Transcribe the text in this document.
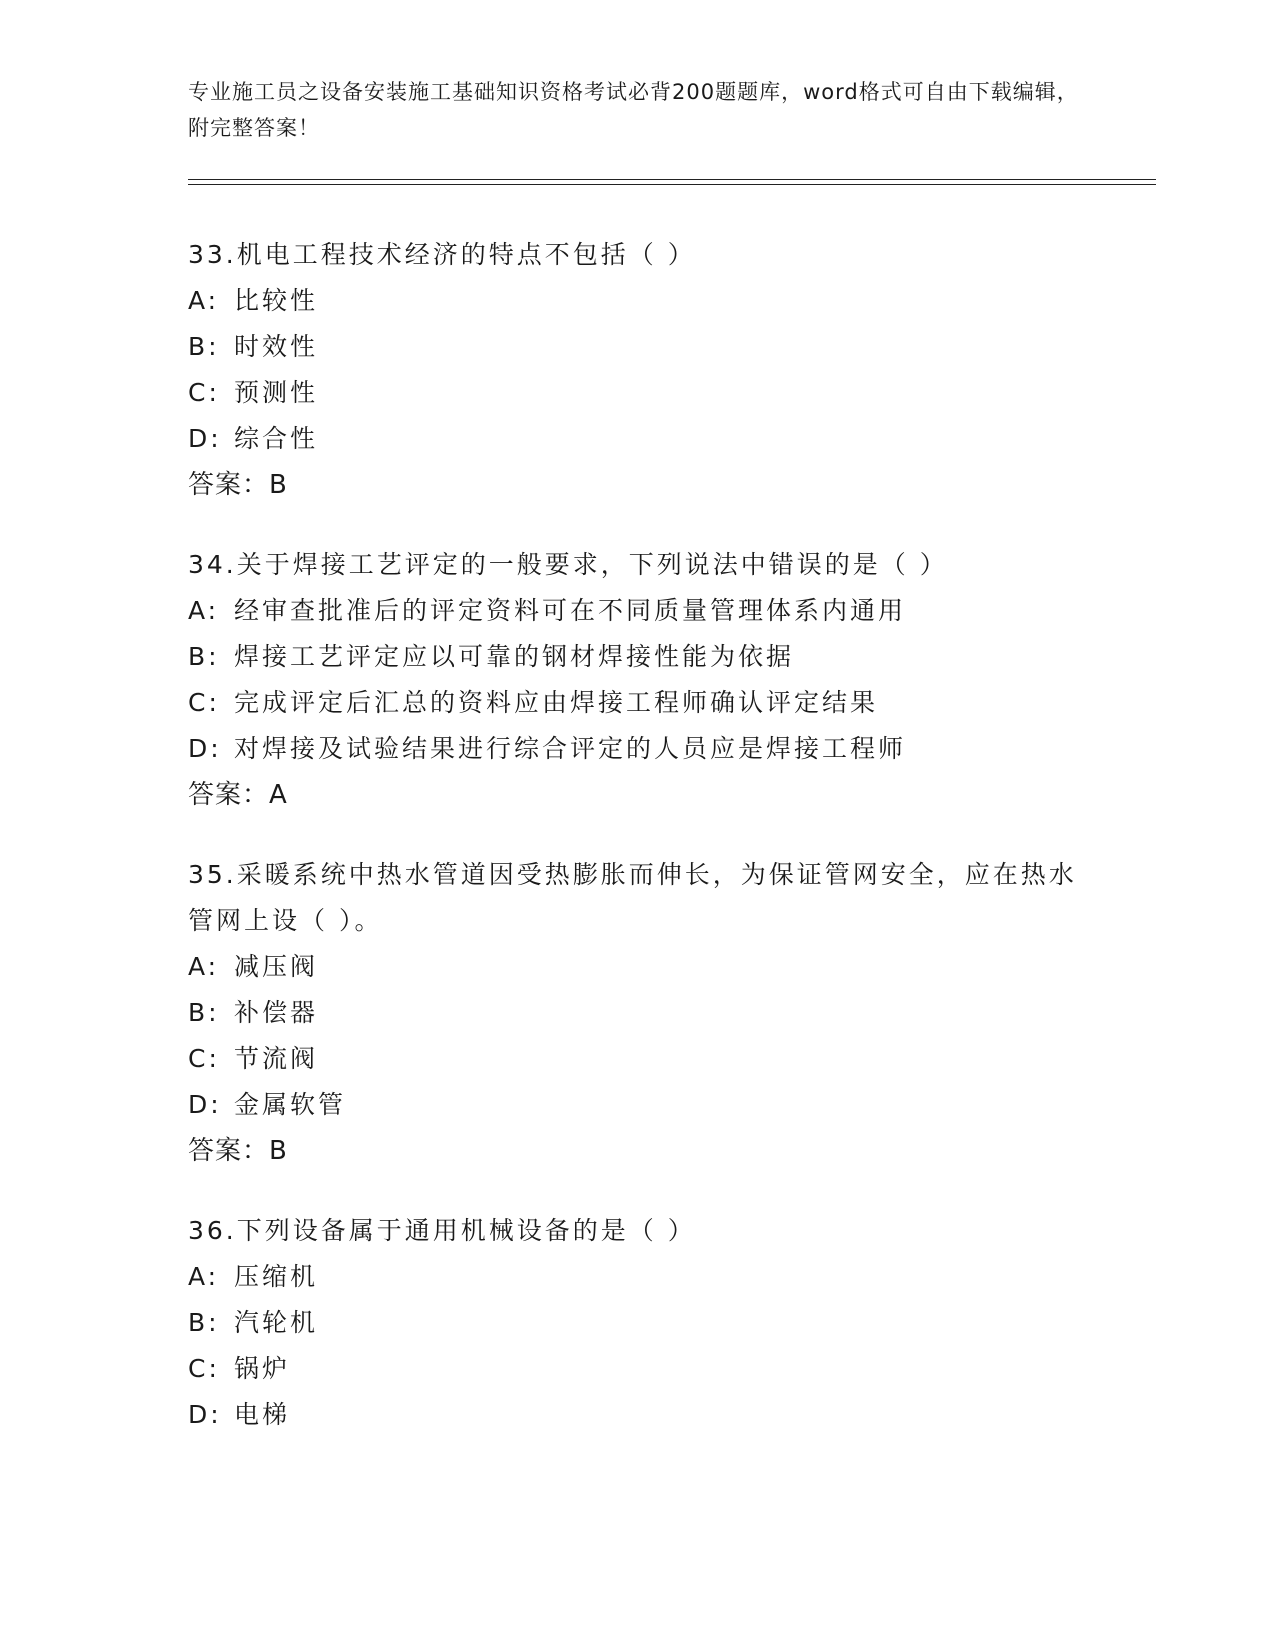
专业施工员之设备安装施工基础知识资格考试必背200题题库，word格式可自由下载编辑，附完整答案！
33.机电工程技术经济的特点不包括（ ）
A: 比较性
B: 时效性
C: 预测性
D: 综合性
答案：B
34.关于焊接工艺评定的一般要求，下列说法中错误的是（ ）
A: 经审查批准后的评定资料可在不同质量管理体系内通用
B: 焊接工艺评定应以可靠的钢材焊接性能为依据
C: 完成评定后汇总的资料应由焊接工程师确认评定结果
D: 对焊接及试验结果进行综合评定的人员应是焊接工程师
答案：A
35.采暖系统中热水管道因受热膨胀而伸长，为保证管网安全，应在热水管网上设（ ）。
A: 减压阀
B: 补偿器
C: 节流阀
D: 金属软管
答案：B
36.下列设备属于通用机械设备的是（ ）
A: 压缩机
B: 汽轮机
C: 锅炉
D: 电梯
